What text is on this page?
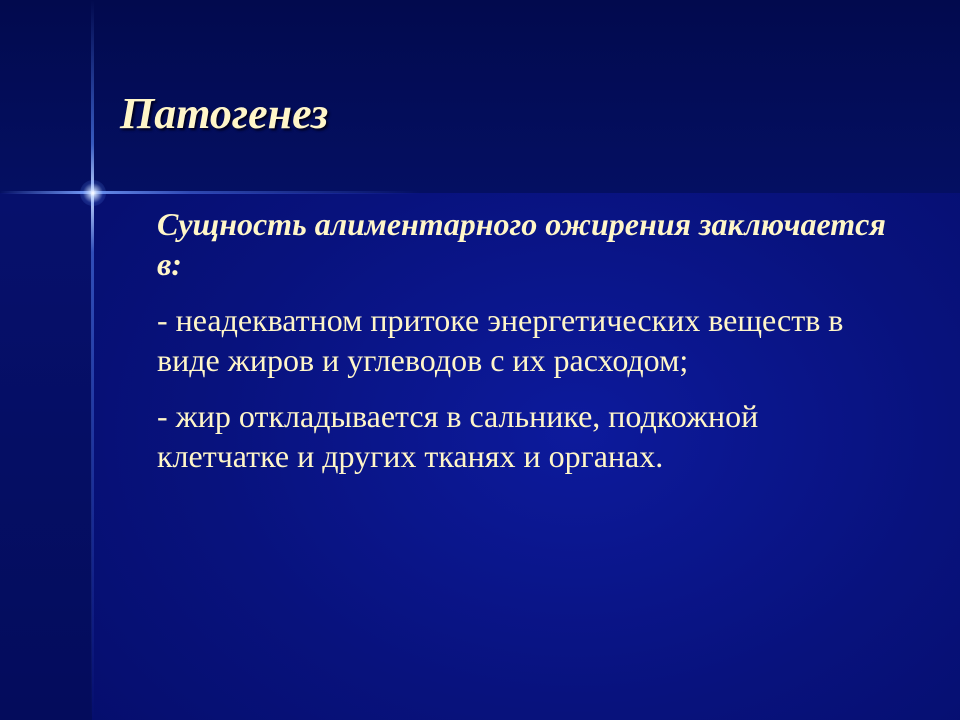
Патогенез

Сущность алиментарного ожирения заключается в:

- неадекватном притоке энергетических веществ в виде жиров и углеводов с их расходом;

- жир откладывается в сальнике, подкожной клетчатке и других тканях и органах.
